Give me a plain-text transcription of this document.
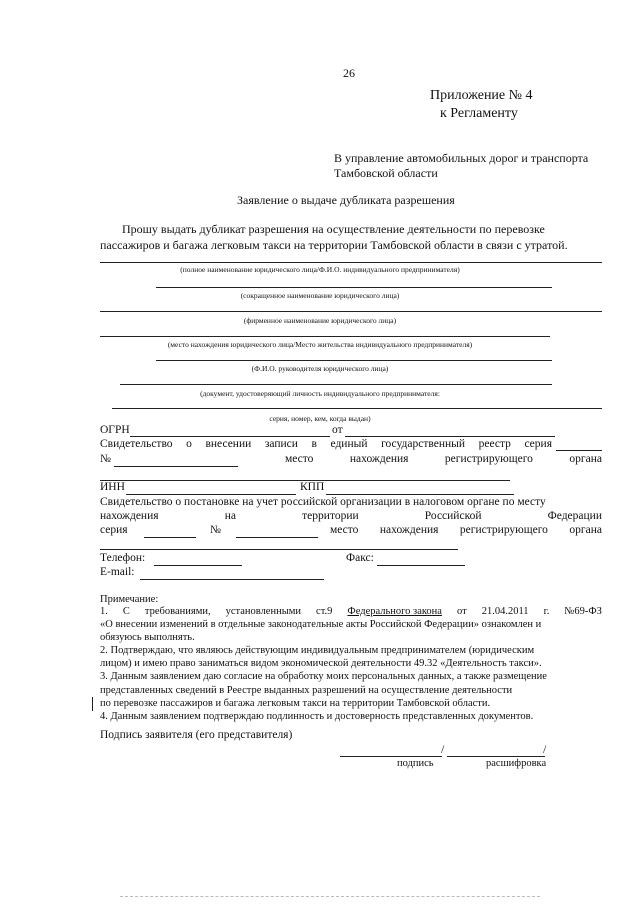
26
Приложение № 4
к Регламенту
В управление автомобильных дорог и транспорта
Тамбовской области
Заявление о выдаче дубликата разрешения
Прошу выдать дубликат разрешения на осуществление деятельности по перевозке
пассажиров и багажа легковым такси на территории Тамбовской области в связи с утратой.
(полное наименование юридического лица/Ф.И.О. индивидуального предпринимателя)
(сокращенное наименование юридического лица)
(фирменное наименование юридического лица)
(место нахождения юридического лица/Место жительства индивидуального предпринимателя)
(Ф.И.О. руководителя юридического лица)
(документ, удостоверяющий личность индивидуального предпринимателя:
серия, номер, кем, когда выдан)
ОГРН	от
Свидетельство о внесении записи в единый государственный реестр серия
№	место	нахождения	регистрирующего	органа
ИНН	КПП
Свидетельство о постановке на учет российской организации в налоговом органе по месту
нахождения	на	территории	Российской	Федерации
серия	№	место нахождения регистрирующего органа
Телефон:	Факс:
E-mail:
Примечание:
1. С требованиями, установленными ст.9 Федерального закона от 21.04.2011 г. №69-ФЗ
«О внесении изменений в отдельные законодательные акты Российской Федерации» ознакомлен и
обязуюсь выполнять.
2. Подтверждаю, что являюсь действующим индивидуальным предпринимателем (юридическим
лицом) и имею право заниматься видом экономической деятельности 49.32 «Деятельность такси».
3. Данным заявлением даю согласие на обработку моих персональных данных, а также размещение
представленных сведений в Реестре выданных разрешений на осуществление деятельности
по перевозке пассажиров и багажа легковым такси на территории Тамбовской области.
4. Данным заявлением подтверждаю подлинность и достоверность представленных документов.
Подпись заявителя (его представителя)
/	/
подпись	расшифровка
